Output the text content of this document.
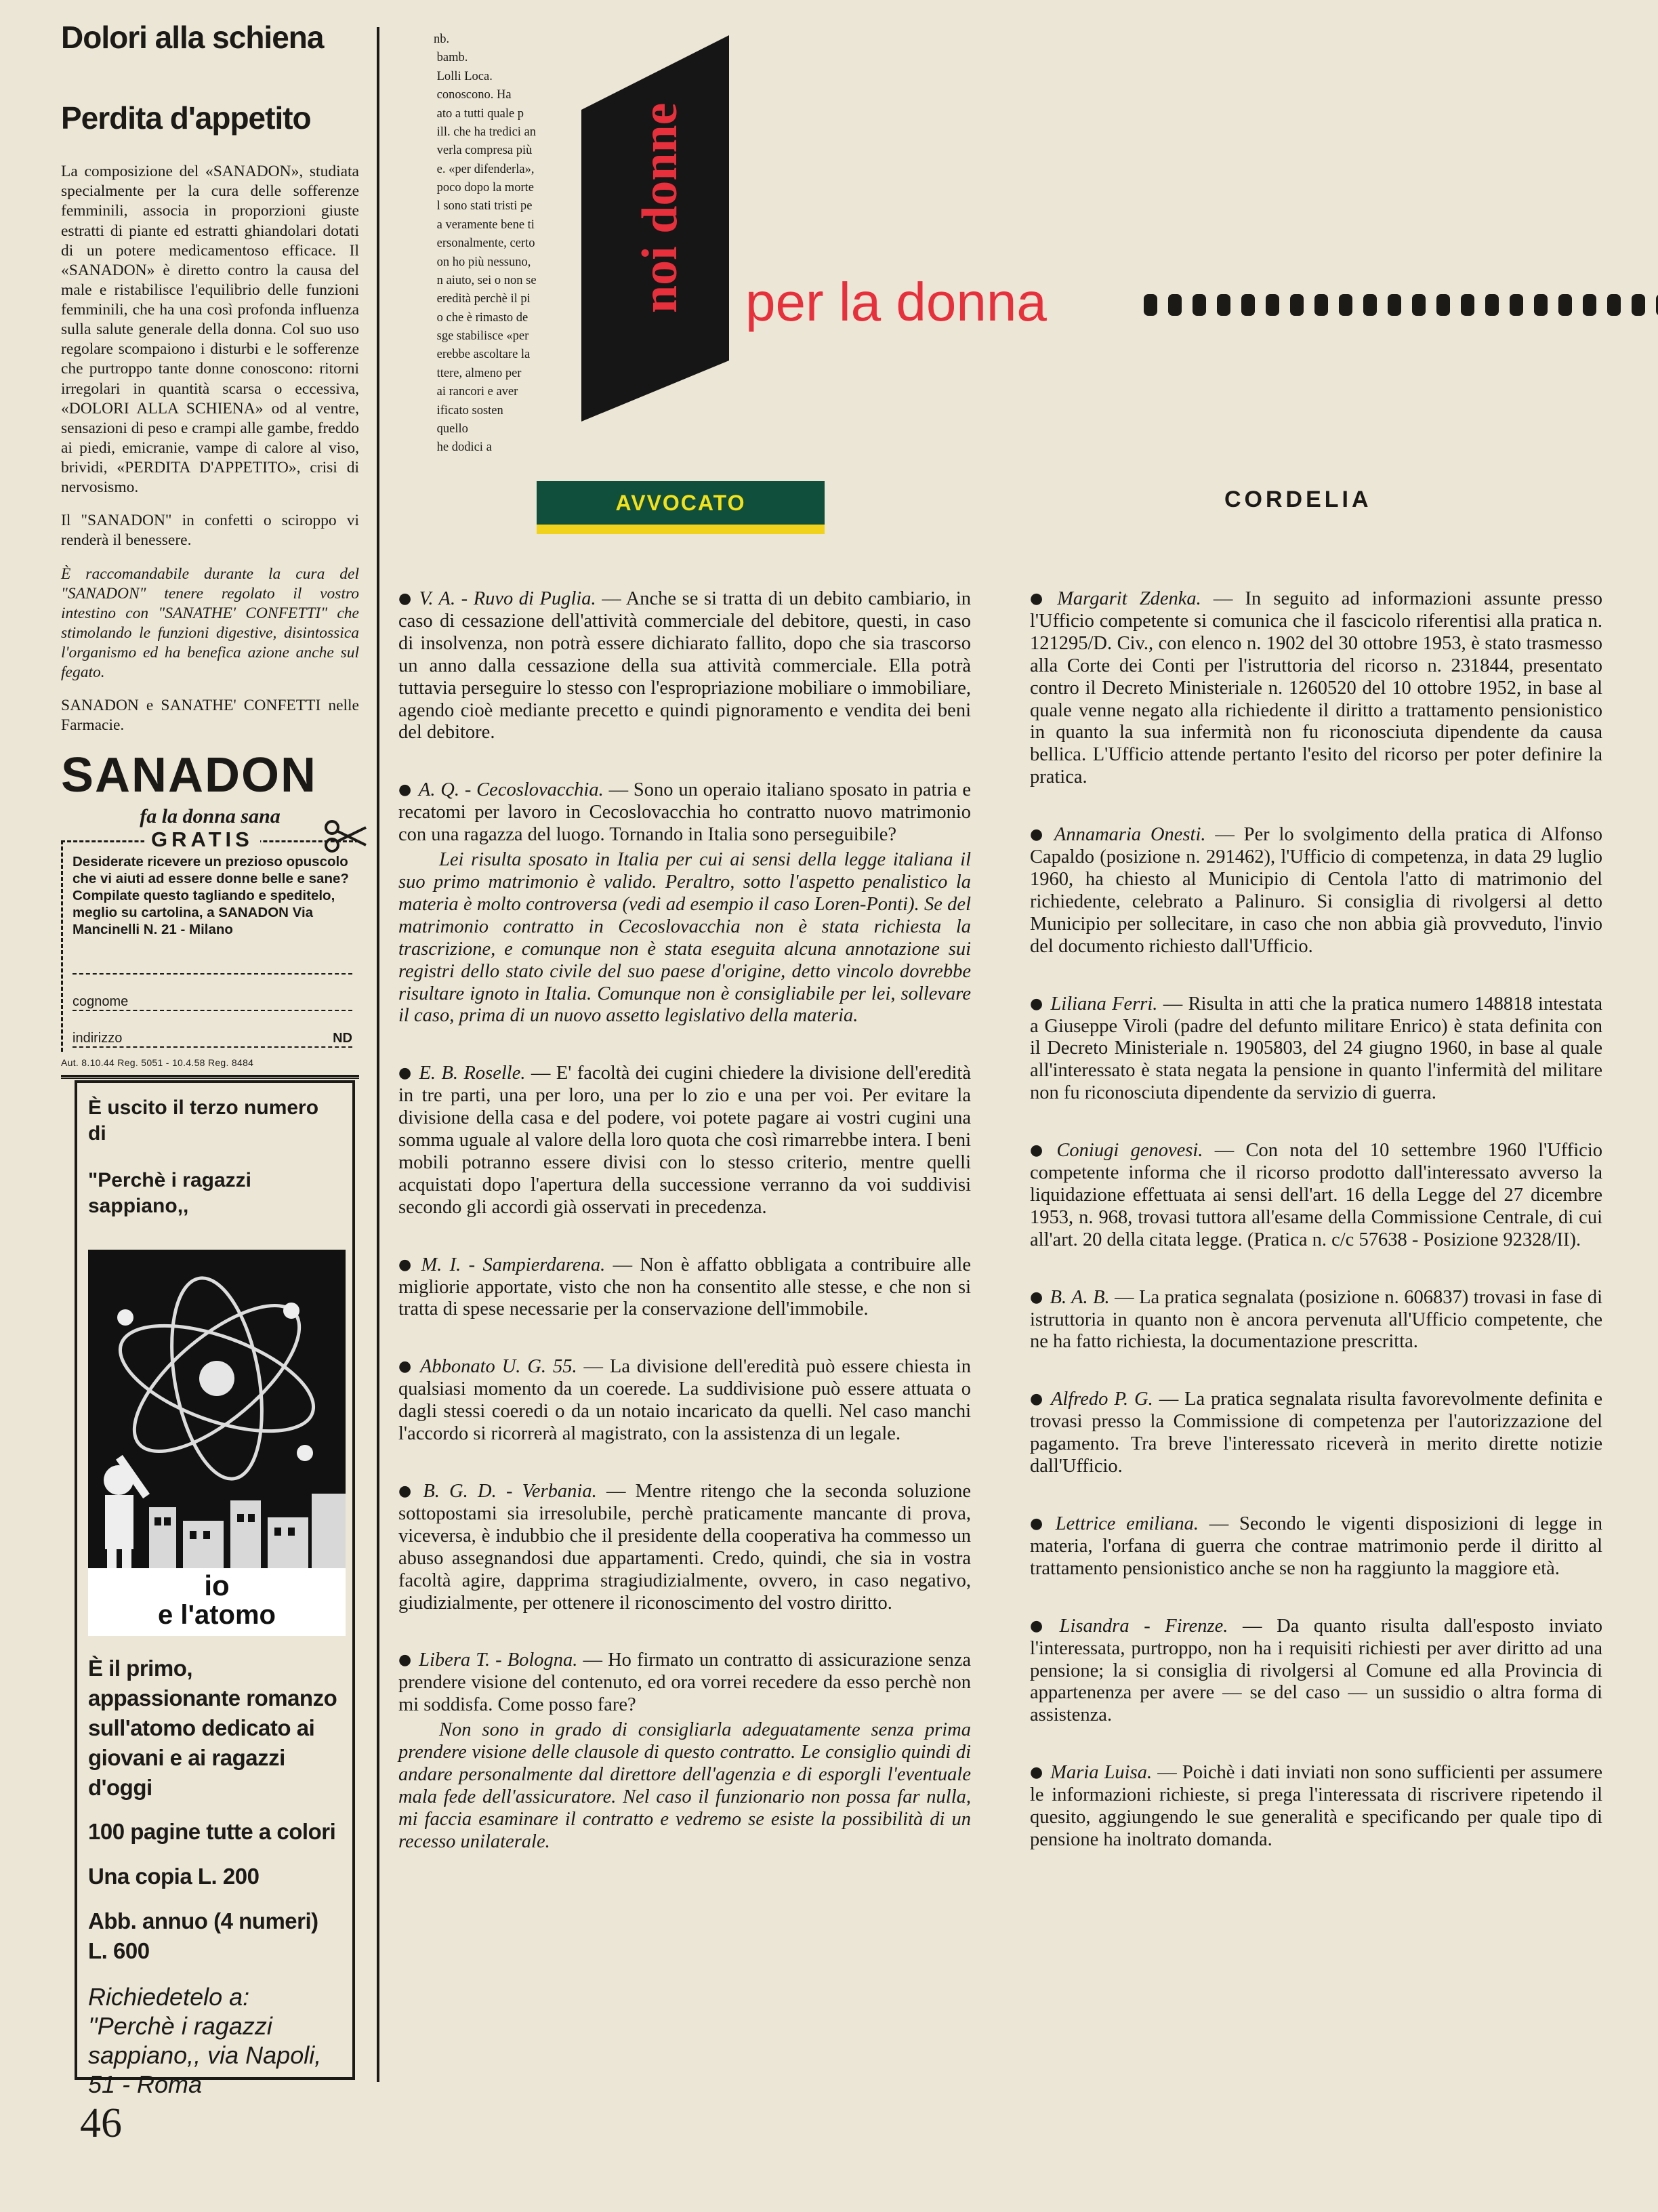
Dolori alla schiena
Perdita d'appetito

La composizione del «SANADON», studiata specialmente per la cura delle sofferenze femminili, associa in proporzioni giuste estratti di piante ed estratti ghiandolari dotati di un potere medicamentoso efficace. Il «SANADON» è diretto contro la causa del male e ristabilisce l'equilibrio delle funzioni femminili, che ha una così profonda influenza sulla salute generale della donna. Col suo uso regolare scompaiono i disturbi e le sofferenze che purtroppo tante donne conoscono: ritorni irregolari in quantità scarsa o eccessiva, «DOLORI ALLA SCHIENA» od al ventre, sensazioni di peso e crampi alle gambe, freddo ai piedi, emicranie, vampe di calore al viso, brividi, «PERDITA D'APPETITO», crisi di nervosismo.

Il "SANADON" in confetti o sciroppo vi renderà il benessere.

È raccomandabile durante la cura del "SANADON" tenere regolato il vostro intestino con "SANATHE' CONFETTI" che stimolando le funzioni digestive, disintossica l'organismo ed ha benefica azione anche sul fegato.

SANADON e SANATHE' CONFETTI nelle Farmacie.

SANADON
fa la donna sana
GRATIS
Desiderate ricevere un prezioso opuscolo che vi aiuti ad essere donne belle e sane? Compilate questo tagliando e speditelo, meglio su cartolina, a SANADON Via Mancinelli N. 21 - Milano
cognome
indirizzo	ND
Aut. 8.10.44 Reg. 5051 - 10.4.58 Reg. 8484
È uscito il terzo numero di
"Perchè i ragazzi sappiano,,
io
e l'atomo
È il primo, appassionante romanzo sull'atomo dedicato ai giovani e ai ragazzi d'oggi
100 pagine tutte a colori
Una copia L. 200
Abb. annuo (4 numeri) L. 600
Richiedetelo a: ''Perchè i ragazzi sappiano,, via Napoli, 51 - Roma
46
nb.
bamb.
Lolli Loca.
conoscono. Ha
ato a tutti quale p
ill. che ha tredici an
verla compresa più
e. «per difenderla»,
poco dopo la morte
l sono stati tristi pe
a veramente bene ti
ersonalmente, certo
on ho più nessuno,
n aiuto, sei o non se
eredità perchè il pi
o che è rimasto de
sge stabilisce «per
erebbe ascoltare la
ttere, almeno per
ai rancori e aver
ificato sosten
quello
he dodici a
noi donne per la donna
AVVOCATO	CORDELIA

● V. A. - Ruvo di Puglia. — Anche se si tratta di un debito cambiario, in caso di cessazione dell'attività commerciale del debitore, questi, in caso di insolvenza, non potrà essere dichiarato fallito, dopo che sia trascorso un anno dalla cessazione della sua attività commerciale. Ella potrà tuttavia perseguire lo stesso con l'espropriazione mobiliare o immobiliare, agendo cioè mediante precetto e quindi pignoramento e vendita dei beni del debitore.

● A. Q. - Cecoslovacchia. — Sono un operaio italiano sposato in patria e recatomi per lavoro in Cecoslovacchia ho contratto nuovo matrimonio con una ragazza del luogo. Tornando in Italia sono perseguibile?

Lei risulta sposato in Italia per cui ai sensi della legge italiana il suo primo matrimonio è valido. Peraltro, sotto l'aspetto penalistico la materia è molto controversa (vedi ad esempio il caso Loren-Ponti). Se del matrimonio contratto in Cecoslovacchia non è stata richiesta la trascrizione, e comunque non è stata eseguita alcuna annotazione sui registri dello stato civile del suo paese d'origine, detto vincolo dovrebbe risultare ignoto in Italia. Comunque non è consigliabile per lei, sollevare il caso, prima di un nuovo assetto legislativo della materia.

● E. B. Roselle. — E' facoltà dei cugini chiedere la divisione dell'eredità in tre parti, una per loro, una per lo zio e una per voi. Per evitare la divisione della casa e del podere, voi potete pagare ai vostri cugini una somma uguale al valore della loro quota che così rimarrebbe intera. I beni mobili potranno essere divisi con lo stesso criterio, mentre quelli acquistati dopo l'apertura della successione verranno da voi suddivisi secondo gli accordi già osservati in precedenza.

● M. I. - Sampierdarena. — Non è affatto obbligata a contribuire alle migliorie apportate, visto che non ha consentito alle stesse, e che non si tratta di spese necessarie per la conservazione dell'immobile.

● Abbonato U. G. 55. — La divisione dell'eredità può essere chiesta in qualsiasi momento da un coerede. La suddivisione può essere attuata o dagli stessi coeredi o da un notaio incaricato da quelli. Nel caso manchi l'accordo si ricorrerà al magistrato, con la assistenza di un legale.

● B. G. D. - Verbania. — Mentre ritengo che la seconda soluzione sottopostami sia irresolubile, perchè praticamente mancante di prova, viceversa, è indubbio che il presidente della cooperativa ha commesso un abuso assegnandosi due appartamenti. Credo, quindi, che sia in vostra facoltà agire, dapprima stragiudizialmente, ovvero, in caso negativo, giudizialmente, per ottenere il riconoscimento del vostro diritto.

● Libera T. - Bologna. — Ho firmato un contratto di assicurazione senza prendere visione del contenuto, ed ora vorrei recedere da esso perchè non mi soddisfa. Come posso fare?

Non sono in grado di consigliarla adeguatamente senza prima prendere visione delle clausole di questo contratto. Le consiglio quindi di andare personalmente dal direttore dell'agenzia e di esporgli l'eventuale mala fede dell'assicuratore. Nel caso il funzionario non possa far nulla, mi faccia esaminare il contratto e vedremo se esiste la possibilità di un recesso unilaterale.

● Margarit Zdenka. — In seguito ad informazioni assunte presso l'Ufficio competente si comunica che il fascicolo riferentisi alla pratica n. 121295/D. Civ., con elenco n. 1902 del 30 ottobre 1953, è stato trasmesso alla Corte dei Conti per l'istruttoria del ricorso n. 231844, presentato contro il Decreto Ministeriale n. 1260520 del 10 ottobre 1952, in base al quale venne negato alla richiedente il diritto a trattamento pensionistico in quanto la sua infermità non fu riconosciuta dipendente da causa bellica. L'Ufficio attende pertanto l'esito del ricorso per poter definire la pratica.

● Annamaria Onesti. — Per lo svolgimento della pratica di Alfonso Capaldo (posizione n. 291462), l'Ufficio di competenza, in data 29 luglio 1960, ha chiesto al Municipio di Centola l'atto di matrimonio del richiedente, celebrato a Palinuro. Si consiglia di rivolgersi al detto Municipio per sollecitare, in caso che non abbia già provveduto, l'invio del documento richiesto dall'Ufficio.

● Liliana Ferri. — Risulta in atti che la pratica numero 148818 intestata a Giuseppe Viroli (padre del defunto militare Enrico) è stata definita con il Decreto Ministeriale n. 1905803, del 24 giugno 1960, in base al quale all'interessato è stata negata la pensione in quanto l'infermità del militare non fu riconosciuta dipendente da servizio di guerra.

● Coniugi genovesi. — Con nota del 10 settembre 1960 l'Ufficio competente informa che il ricorso prodotto dall'interessato avverso la liquidazione effettuata ai sensi dell'art. 16 della Legge del 27 dicembre 1953, n. 968, trovasi tuttora all'esame della Commissione Centrale, di cui all'art. 20 della citata legge. (Pratica n. c/c 57638 - Posizione 92328/II).

● B. A. B. — La pratica segnalata (posizione n. 606837) trovasi in fase di istruttoria in quanto non è ancora pervenuta all'Ufficio competente, che ne ha fatto richiesta, la documentazione prescritta.

● Alfredo P. G. — La pratica segnalata risulta favorevolmente definita e trovasi presso la Commissione di competenza per l'autorizzazione del pagamento. Tra breve l'interessato riceverà in merito dirette notizie dall'Ufficio.

● Lettrice emiliana. — Secondo le vigenti disposizioni di legge in materia, l'orfana di guerra che contrae matrimonio perde il diritto al trattamento pensionistico anche se non ha raggiunto la maggiore età.

● Lisandra - Firenze. — Da quanto risulta dall'esposto inviato l'interessata, purtroppo, non ha i requisiti richiesti per aver diritto ad una pensione; la si consiglia di rivolgersi al Comune ed alla Provincia di appartenenza per avere — se del caso — un sussidio o altra forma di assistenza.

● Maria Luisa. — Poichè i dati inviati non sono sufficienti per assumere le informazioni richieste, si prega l'interessata di riscrivere ripetendo il quesito, aggiungendo le sue generalità e specificando per quale tipo di pensione ha inoltrato domanda.
